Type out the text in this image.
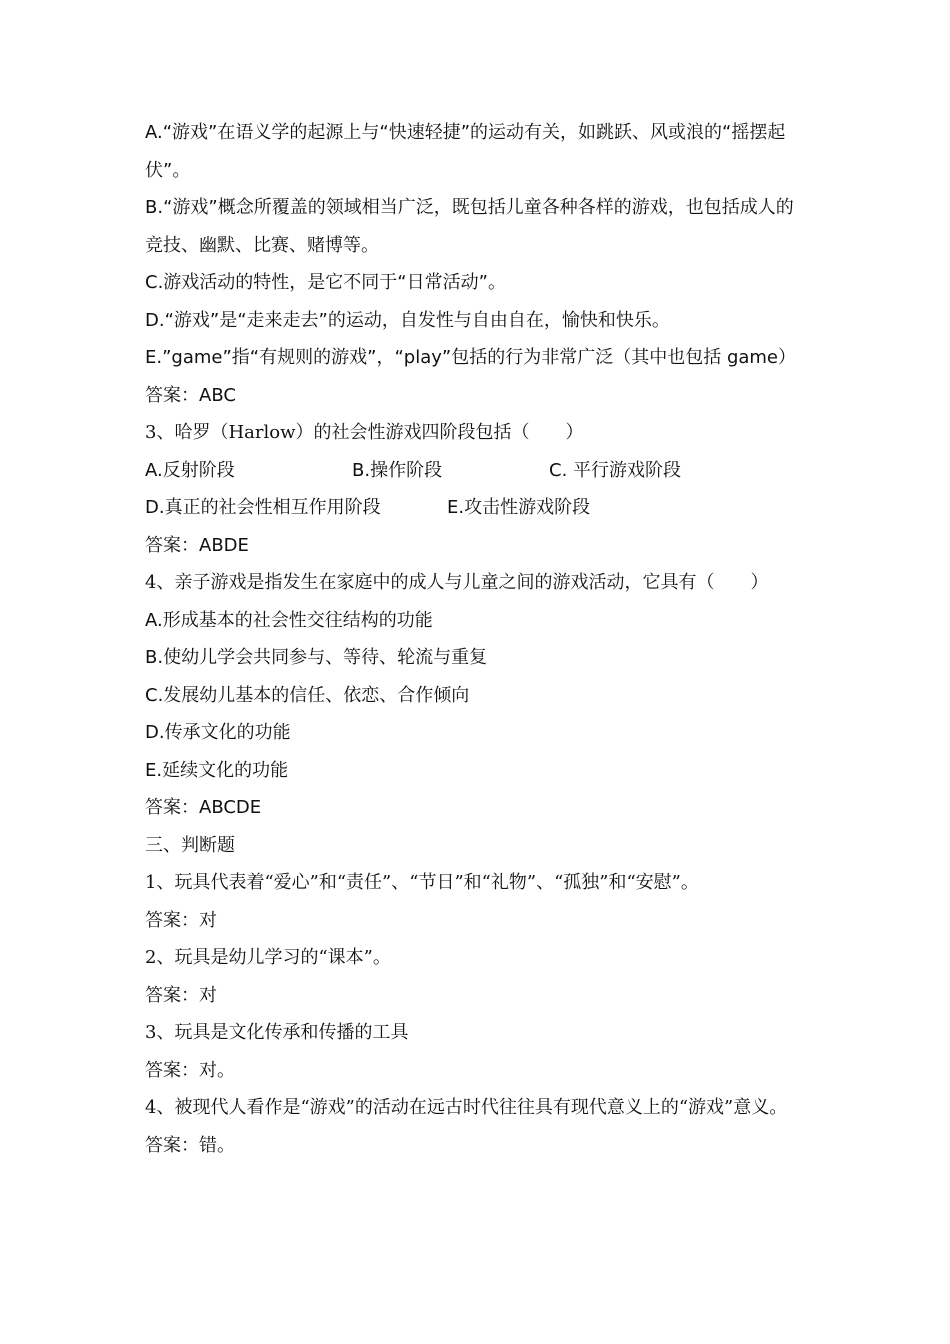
A.“游戏”在语义学的起源上与“快速轻捷”的运动有关，如跳跃、风或浪的“摇摆起伏”。
B.“游戏”概念所覆盖的领域相当广泛，既包括儿童各种各样的游戏，也包括成人的竞技、幽默、比赛、赌博等。
C.游戏活动的特性，是它不同于“日常活动”。
D.“游戏”是“走来走去”的运动，自发性与自由自在，愉快和快乐。
E.”game”指“有规则的游戏”，“play”包括的行为非常广泛（其中也包括 game）
答案：ABC
3、哈罗（Harlow）的社会性游戏四阶段包括（　　）
A.反射阶段	B.操作阶段	C. 平行游戏阶段
D.真正的社会性相互作用阶段	E.攻击性游戏阶段
答案：ABDE
4、亲子游戏是指发生在家庭中的成人与儿童之间的游戏活动，它具有（　　）
A.形成基本的社会性交往结构的功能
B.使幼儿学会共同参与、等待、轮流与重复
C.发展幼儿基本的信任、依恋、合作倾向
D.传承文化的功能
E.延续文化的功能
答案：ABCDE
三、判断题
1、玩具代表着“爱心”和“责任”、“节日”和“礼物”、“孤独”和“安慰”。
答案：对
2、玩具是幼儿学习的“课本”。
答案：对
3、玩具是文化传承和传播的工具
答案：对。
4、被现代人看作是“游戏”的活动在远古时代往往具有现代意义上的“游戏”意义。
答案：错。
